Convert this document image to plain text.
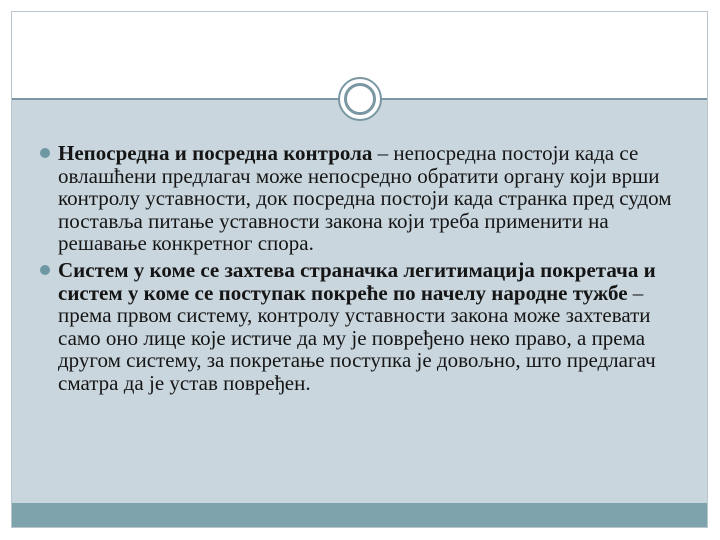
Непосредна и посредна контрола – непосредна постоји када се овлашћени предлагач може непосредно обратити органу који врши контролу уставности, док посредна постоји када странка пред судом поставља питање уставности закона који треба применити на решавање конкретног спора.
Систем у коме се захтева страначка легитимација покретача и систем у коме се поступак покреће по начелу народне тужбе – према првом систему, контролу уставности закона може захтевати само оно лице које истиче да му је повређено неко право, а према другом систему, за покретање поступка је довољно, што предлагач сматра да је устав повређен.
